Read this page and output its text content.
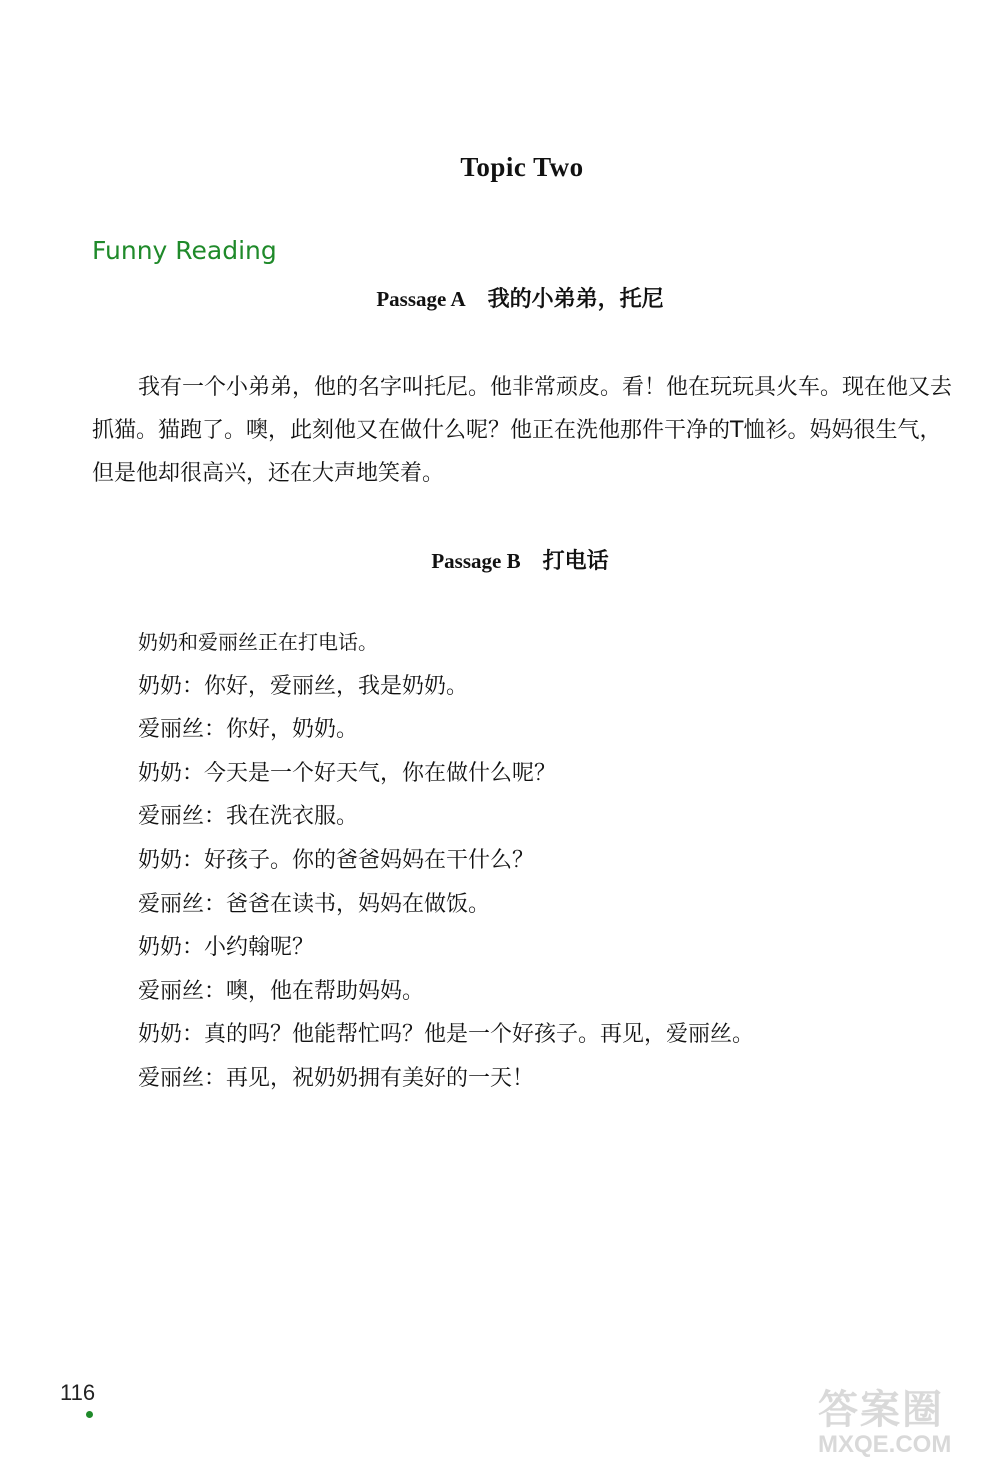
Topic Two
Funny Reading
Passage A 我的小弟弟，托尼

我有一个小弟弟，他的名字叫托尼。他非常顽皮。看！他在玩玩具火车。现在他又去抓猫。猫跑了。噢，此刻他又在做什么呢？他正在洗他那件干净的T恤衫。妈妈很生气，但是他却很高兴，还在大声地笑着。

Passage B 打电话
奶奶和爱丽丝正在打电话。
奶奶：你好，爱丽丝，我是奶奶。
爱丽丝：你好，奶奶。
奶奶：今天是一个好天气，你在做什么呢？
爱丽丝：我在洗衣服。
奶奶：好孩子。你的爸爸妈妈在干什么？
爱丽丝：爸爸在读书，妈妈在做饭。
奶奶：小约翰呢？
爱丽丝：噢，他在帮助妈妈。
奶奶：真的吗？他能帮忙吗？他是一个好孩子。再见，爱丽丝。
爱丽丝：再见，祝奶奶拥有美好的一天！
116	答案圈
MXQE.COM
